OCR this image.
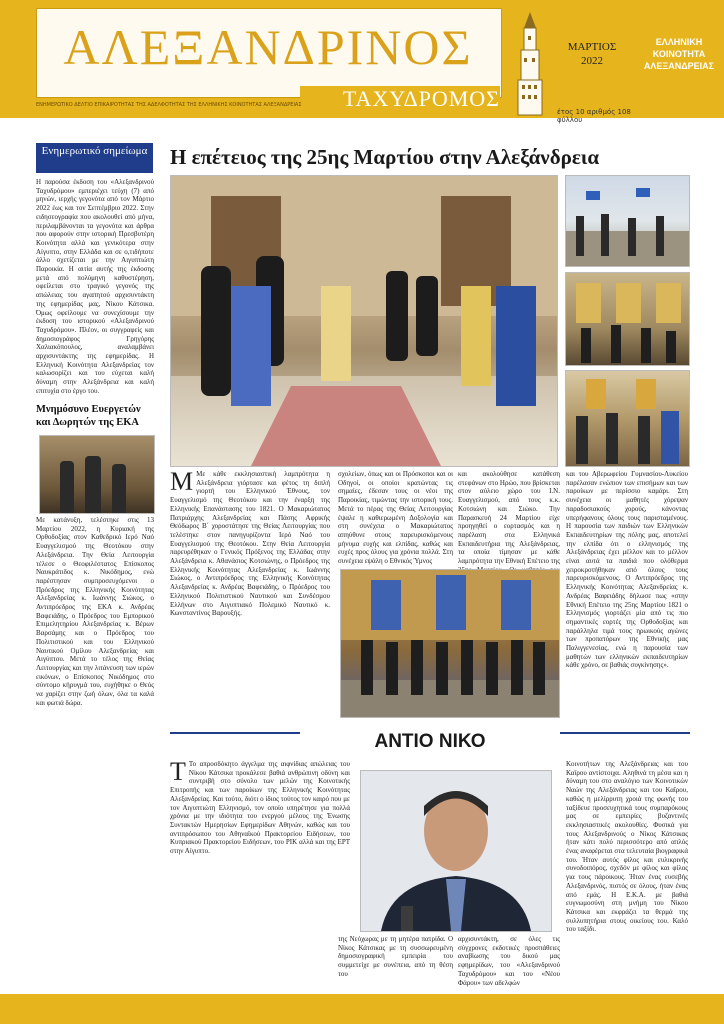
ΑΛΕΞΑΝΔΡΙΝΟΣ
ΤΑΧΥΔΡΟΜΟΣ
ΕΝΗΜΕΡΩΤΙΚΟ ΔΕΛΤΙΟ ΕΠΙΚΑΙΡΟΤΗΤΑΣ ΤΗΣ ΑΔΕΛΦΟΤΗΤΑΣ ΤΗΣ ΕΛΛΗΝΙΚΗΣ ΚΟΙΝΟΤΗΤΑΣ ΑΛΕΞΑΝΔΡΕΙΑΣ
ΜΑΡΤΙΟΣ
2022
έτος 10 αριθμός 108 φύλλου
ΕΛΛΗΝΙΚΗ ΚΟΙΝΟΤΗΤΑ ΑΛΕΞΑΝΔΡΕΙΑΣ
Ενημερωτικό σημείωμα
Η παρούσα έκδοση του «Αλεξανδρινού Ταχυδρόμου» εμπεριέχει τεύχη (7) από μηνών, ιερχής γεγονότα από τον Μάρτιο 2022 έως και τον Σεπτέμβριο 2022. Στην ειδησεογραφία που ακολουθεί από μήνα, περιλαμβάνονται τα γεγονότα και άρθρα που αφορούν στην ιστορική Πρεσβυτέρη Κοινότητα αλλά και γενικότερα στην Αίγυπτο, στην Ελλάδα και σε ο,τιδήποτε άλλο σχετίζεται με την Αιγυπτιώτη Παροικία. Η αιτία αυτής της έκδοσης μετά από πολύμηνη καθυστέρηση, οφείλεται στο τραγικό γεγονός της απώλειας του αγαπητού αρχισυντάκτη της εφημερίδας μας, Νίκου Κάτσικα. Όμως οφείλουμε να συνεχίσουμε την έκδοση του ιστορικού «Αλεξανδρινού Ταχυδρόμου». Πλέον, οι συγγραφείς και δημοσιογράφος Γρηγόρης Χαλιακόπουλος, αναλαμβάνει αρχισυντάκτης της εφημερίδας. Η Ελληνική Κοινότητα Αλεξανδρείας τον καλωσορίζει και του εύχεται καλή δύναμη στην Αλεξάνδρεια και καλή επιτυχία στο έργο του.
Μνημόσυνο Ευεργετών και Δωρητών της ΕΚΑ
Με κατάνυξη, τελέστηκε στις 13 Μαρτίου 2022, η Κυριακή της Ορθοδοξίας στον Καθεδρικό Ιερό Ναό Ευαγγελισμού της Θεοτόκου στην Αλεξάνδρεια. Την Θεία Λειτουργία τέλεσε ο Θεοφιλέστατος Επίσκοπος Ναυκράτιδος κ. Νικόδημος, ενώ παρέστησαν συμπροσευχόμενοι ο Πρόεδρος της Ελληνικής Κοινότητας Αλεξανδρείας κ. Ιωάννης Σιώκος, ο Αντιπρόεδρος της ΕΚΑ κ. Ανδρέας Βαφειάδης, ο Πρόεδρος του Εμπορικού Επιμελητηρίου Αλεξανδρείας κ. Βέρων Βαρσάμης και ο Πρόεδρος του Πολιτιστικού και του Ελληνικού Ναυτικού Ομίλου Αλεξανδρείας και Αιγύπτου. Μετά το τέλος της Θείας Λειτουργίας και την λιτάνευση των ιερών εικόνων, ο Επίσκοπος Νικόδημος στο σύντομο κήρυγμά του, ευχήθηκε ο Θεός να χαρίζει στην ζωή όλων, όλα τα καλά και φωτιά δώρα.
Η επέτειος της 25ης Μαρτίου στην Αλεξάνδρεια
Μ Με κάθε εκκλησιαστική λαμπρότητα η Αλεξάνδρεια γιόρτασε και φέτος τη διπλή γιορτή του Ελληνικού Έθνους, τον Ευαγγελισμό της Θεοτόκου και την έναρξη της Ελληνικής Επανάστασης του 1821. Ο Μακαριώτατος Πατριάρχης Αλεξανδρείας και Πάσης Αφρικής Θεόδωρος Β΄ χοροστάτησε της Θείας Λειτουργίας που τελέστηκε στον πανηγυρίζοντα Ιερό Ναό του Ευαγγελισμού της Θεοτόκου. Στην Θεία Λειτουργία παρευρέθηκαν ο Γενικός Πρόξενος της Ελλάδας στην Αλεξάνδρεια κ. Αθανάσιος Κοτσιώνης, ο Πρόεδρος της Ελληνικής Κοινότητας Αλεξανδρείας κ. Ιωάννης Σιώκος, ο Αντιπρόεδρος της Ελληνικής Κοινότητας Αλεξανδρείας κ. Ανδρέας Βαφειάδης, ο Πρόεδρος του Ελληνικού Πολιτιστικού Ναυτικού και Συνδέσμου Ελλήνων στο Αιγυπτιακό Πολεμικό Ναυτικό κ. Κωνσταντίνος Βαρουξής.
σχολείων, όπως και οι Πρόσκοποι και οι Οδηγοί, οι οποίοι κρατώντας τις σημαίες, έδεσαν τους οι νέοι της Παροικίας, τιμώντας την ιστορική τους. Μετά το πέρας της Θείας Λειτουργίας έψαλε η καθιερωμένη Δοξολογία και στη συνέχεια ο Μακαριώτατος απηύθυνε στους παρευρισκόμενους μήνυμα ευχής και ελπίδας, καθώς και ευχές προς όλους για χρόνια πολλά. Στη συνέχεια εψάλη ο Εθνικός Ύμνος
και ακολούθησε κατάθεση στεφάνων στο Ηρώο, που βρίσκεται στον αύλειο χώρο του Ι.Ν. Ευαγγελισμού, από τους κ.κ. Κοτσιώνη και Σιώκο. Την Παρασκευή 24 Μαρτίου είχε προηγηθεί ο εορτασμός και η παρέλαση στα Ελληνικά Εκπαιδευτήρια της Αλεξάνδρειας, τα οποία τίμησαν με κάθε λαμπρότητα την Εθνική Επέτειο της
και του Αβερωφείου Γυμνασίου-Λυκείου παρέλασαν ενώπιον των επισήμων και των παροίκων με περίσσιο καμάρι. Στη συνέχεια οι μαθητές χόρεψαν παραδοσιακούς χορούς, κάνοντας υπερήφανους όλους τους παρισταμένους. Η παρουσία των παιδιών των Ελληνικών Εκπαιδευτηρίων της πόλης μας, αποτελεί την ελπίδα ότι ο ελληνισμός της Αλεξάνδρειας έχει μέλλον και το μέλλον είναι αυτά τα παιδιά που ολόθερμα χειροκροτήθηκαν από όλους τους παρευρισκόμενους. Ο Αντιπρόεδρος της Ελληνικής Κοινότητας Αλεξανδρείας κ. Ανδρέας Βαφειάδης δήλωσε πως «στην Εθνική Επέτειο της 25ης Μαρτίου 1821 ο Ελληνισμός γιορτάζει μία από τις πιο σημαντικές εορτές της Ορθοδοξίας και παράλληλα τιμά τους ηρωικούς αγώνες των προπατόρων της Εθνικής μας Παλιγγενεσίας, ενώ η παρουσία των μαθητών των ελληνικών εκπαιδευτηρίων κάθε χρόνο, σε βαθιάς συγκίνησης».
ΑΝΤΙΟ ΝΙΚΟ
Τ Το απροσδόκητο άγγελμα της αιφνίδιας απώλειας του Νίκου Κάτσικα προκάλεσε βαθιά ανθρώπινη οδύνη και συντριβή στο σύνολο των μελών της Κοινοτικής Επιτροπής και των παροίκων της Ελληνικής Κοινότητας Αλεξανδρείας. Και τούτο, διότι ο ίδιος τούτος τον καιρό που με τον Αιγυπτιώτη Ελληνισμό, τον οποίο υπηρέτησε για πολλά χρόνια με την ιδιότητα του ενεργού μέλους της Ένωσης Συντακτών Ημερησίων Εφημερίδων Αθηνών, καθώς και του αντιπρόσωπου του Αθηναϊκού Πρακτορείου Ειδήσεων, του Κυπριακού Πρακτορείου Ειδήσεων, του ΡΙΚ αλλά και της ΕΡΤ στην Αίγυπτο.
της Νεόχωρας με τη μητέρα πατρίδα. Ο Νίκος Κάτσικας με τη συσσωρευμένη δημοσιογραφική εμπειρία του συμμετείχε με συνέπεια, από τη θέση του
αρχισυντάκτη, σε όλες τις σύγχρονες εκδοτικές προσπάθειες αναβίωσης του δικού μας εφημερίδων, του «Αλεξανδρινού Ταχυδρόμου» και του «Νέου Φάρου» των αδελφών
Κοινοτήτων της Αλεξάνδρειας και του Καΐρου αντίστοιχα. Αληθινά τη μέσα και η δύναμη του στο αναλόγιο των Κοινοτικών Ναών της Αλεξάνδρειας και του Καΐρου, καθώς η μελίρρυτη χροιά της φωνής του ταξίδευε προσευχητικά τους συμπαρόκους μας σε εμπειρίες βυζαντινές εκκλησιαστικές ακολουθίες. Φυσικά για τους Αλεξανδρινούς ο Νίκος Κάτσικας ήταν κάτι πολύ περισσότερο από απλός ένας αναφέρεται στα τελευταία βιογραφικά του. Ήταν αυτός φίλος και ευλικρινής συνοδοιπόρος, σχεδόν με φίλος και φίλος για τους πάροικους. Ήταν ένας ευσεβής Αλεξανδρινός, πιστός σε όλους, ήταν ένας από εμάς. Η Ε.Κ.Α. με βαθιά ευγνωμοσύνη στη μνήμη του Νίκου Κάτσικα και εκφράζει τα θερμά της συλλυπητήρια στους οικείους του. Καλό του ταξίδι.
